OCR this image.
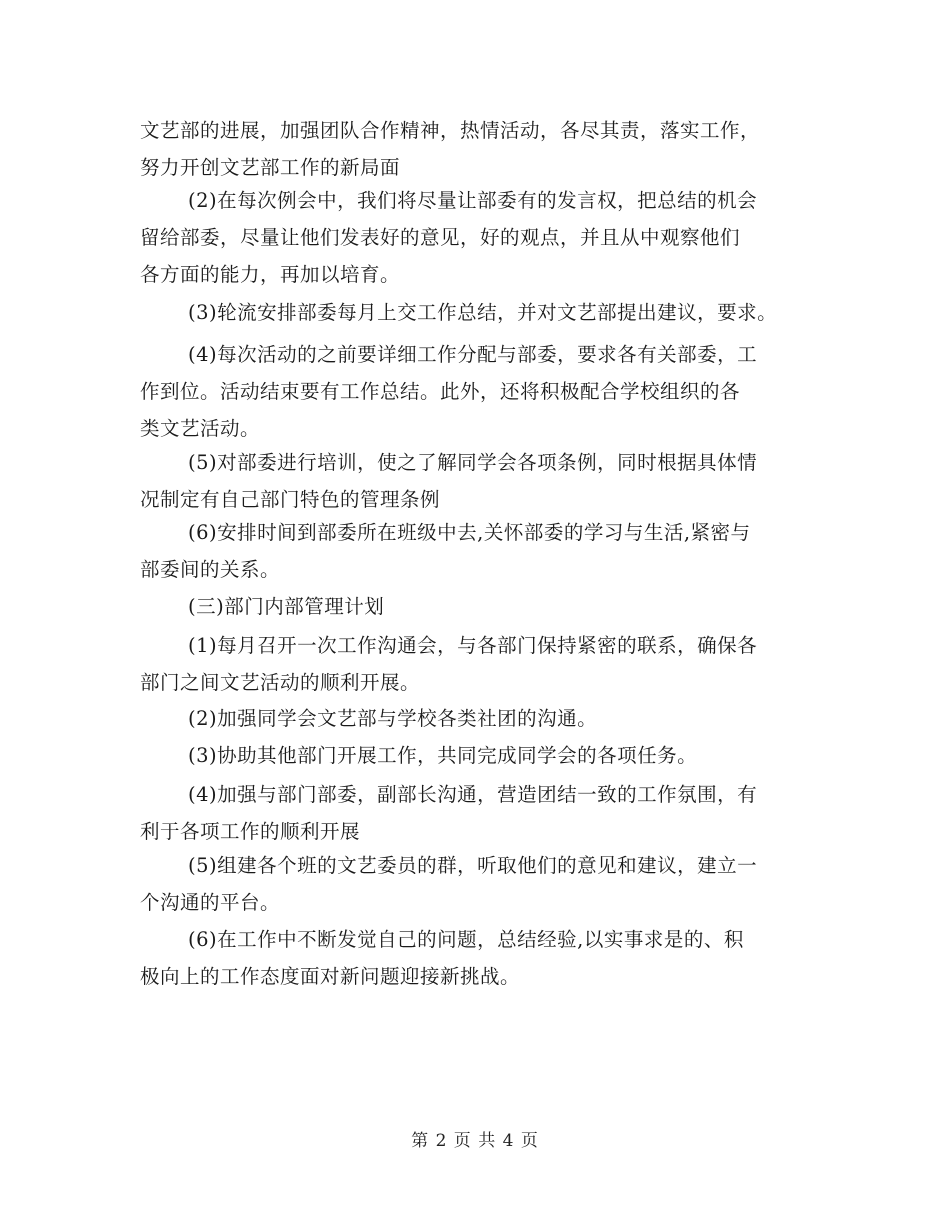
文艺部的进展，加强团队合作精神，热情活动，各尽其责，落实工作，
努力开创文艺部工作的新局面
(2)在每次例会中，我们将尽量让部委有的发言权，把总结的机会
留给部委，尽量让他们发表好的意见，好的观点，并且从中观察他们
各方面的能力，再加以培育。
(3)轮流安排部委每月上交工作总结，并对文艺部提出建议，要求。
(4)每次活动的之前要详细工作分配与部委，要求各有关部委，工
作到位。活动结束要有工作总结。此外，还将积极配合学校组织的各
类文艺活动。
(5)对部委进行培训，使之了解同学会各项条例，同时根据具体情
况制定有自己部门特色的管理条例
(6)安排时间到部委所在班级中去,关怀部委的学习与生活,紧密与
部委间的关系。
(三)部门内部管理计划
(1)每月召开一次工作沟通会，与各部门保持紧密的联系，确保各
部门之间文艺活动的顺利开展。
(2)加强同学会文艺部与学校各类社团的沟通。
(3)协助其他部门开展工作，共同完成同学会的各项任务。
(4)加强与部门部委，副部长沟通，营造团结一致的工作氛围，有
利于各项工作的顺利开展
(5)组建各个班的文艺委员的群，听取他们的意见和建议，建立一
个沟通的平台。
(6)在工作中不断发觉自己的问题，总结经验,以实事求是的、积
极向上的工作态度面对新问题迎接新挑战。
第 2 页 共 4 页
